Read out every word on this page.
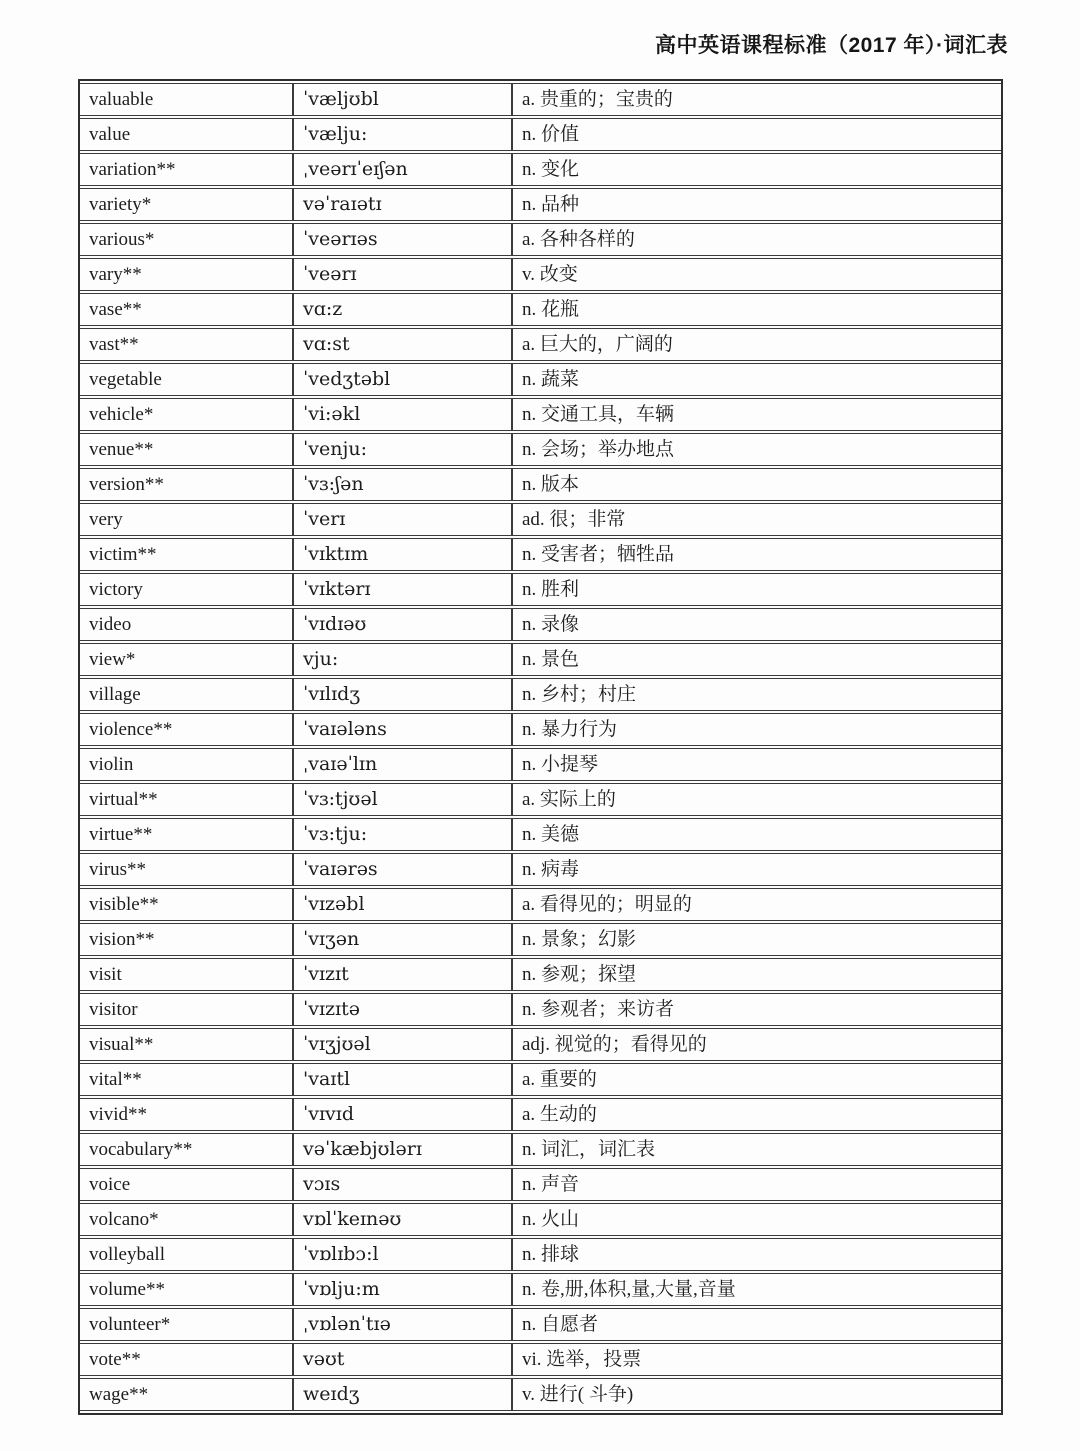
高中英语课程标准（2017 年）·词汇表
valuable	ˈvæljʊbl	a. 贵重的；宝贵的
value	ˈvælju:	n. 价值
variation**	ˌveərɪˈeɪʃən	n. 变化
variety*	vəˈraɪətɪ	n. 品种
various*	ˈveərɪəs	a. 各种各样的
vary**	ˈveərɪ	v. 改变
vase**	vɑ:z	n. 花瓶
vast**	vɑ:st	a. 巨大的，广阔的
vegetable	ˈvedʒtəbl	n. 蔬菜
vehicle*	ˈvi:əkl	n. 交通工具，车辆
venue**	ˈvenju:	n. 会场；举办地点
version**	ˈvɜ:ʃən	n. 版本
very	ˈverɪ	ad. 很；非常
victim**	ˈvɪktɪm	n. 受害者；牺牲品
victory	ˈvɪktərɪ	n. 胜利
video	ˈvɪdɪəʊ	n. 录像
view*	vju:	n. 景色
village	ˈvɪlɪdʒ	n. 乡村；村庄
violence**	ˈvaɪələns	n. 暴力行为
violin	ˌvaɪəˈlɪn	n. 小提琴
virtual**	ˈvɜ:tjʊəl	a. 实际上的
virtue**	ˈvɜ:tju:	n. 美德
virus**	ˈvaɪərəs	n. 病毒
visible**	ˈvɪzəbl	a. 看得见的；明显的
vision**	ˈvɪʒən	n. 景象；幻影
visit	ˈvɪzɪt	n. 参观；探望
visitor	ˈvɪzɪtə	n. 参观者；来访者
visual**	ˈvɪʒjʊəl	adj. 视觉的；看得见的
vital**	'vaɪtl	a. 重要的
vivid**	ˈvɪvɪd	a. 生动的
vocabulary**	vəˈkæbjʊlərɪ	n. 词汇，词汇表
voice	vɔɪs	n. 声音
volcano*	vɒlˈkeɪnəʊ	n. 火山
volleyball	ˈvɒlɪbɔ:l	n. 排球
volume**	ˈvɒlju:m	n. 卷,册,体积,量,大量,音量
volunteer*	ˌvɒlənˈtɪə	n. 自愿者
vote**	vəʊt	vi. 选举，投票
wage**	weɪdʒ	v. 进行( 斗争)
